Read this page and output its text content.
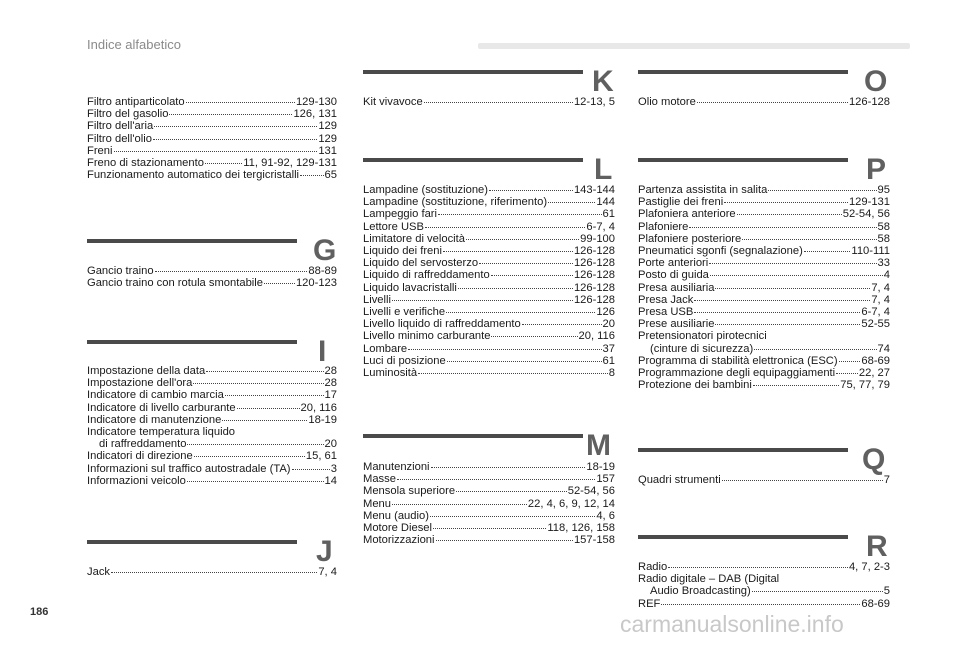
Indice alfabetico
Filtro antiparticolato	129-130
Filtro del gasolio	126, 131
Filtro dell'aria	129
Filtro dell'olio	129
Freni	131
Freno di stazionamento	11, 91-92, 129-131
Funzionamento automatico dei tergicristalli 65
G
Gancio traino	88-89
Gancio traino con rotula smontabile	120-123
I
Impostazione della data	28
Impostazione dell'ora	28
Indicatore di cambio marcia	17
Indicatore di livello carburante	20, 116
Indicatore di manutenzione	18-19
Indicatore temperatura liquido
di raffreddamento	20
Indicatori di direzione	15, 61
Informazioni sul traffico autostradale (TA)	3
Informazioni veicolo	14
J
Jack	7, 4
K
Kit vivavoce	12-13, 5
L
Lampadine (sostituzione)	143-144
Lampadine (sostituzione, riferimento)	144
Lampeggio fari	61
Lettore USB	6-7, 4
Limitatore di velocità	99-100
Liquido dei freni	126-128
Liquido del servosterzo	126-128
Liquido di raffreddamento	126-128
Liquido lavacristalli	126-128
Livelli	126-128
Livelli e verifiche	126
Livello liquido di raffreddamento	20
Livello minimo carburante	20, 116
Lombare	37
Luci di posizione	61
Luminosità	8
M
Manutenzioni	18-19
Masse	157
Mensola superiore	52-54, 56
Menu	22, 4, 6, 9, 12, 14
Menu (audio)	4, 6
Motore Diesel	118, 126, 158
Motorizzazioni	157-158
O
Olio motore	126-128
P
Partenza assistita in salita	95
Pastiglie dei freni	129-131
Plafoniera anteriore	52-54, 56
Plafoniere	58
Plafoniere posteriore	58
Pneumatici sgonfi (segnalazione)	110-111
Porte anteriori	33
Posto di guida	4
Presa ausiliaria	7, 4
Presa Jack	7, 4
Presa USB	6-7, 4
Prese ausiliarie	52-55
Pretensionatori pirotecnici
(cinture di sicurezza)	74
Programma di stabilità elettronica (ESC) 68-69
Programmazione degli equipaggiamenti 22, 27
Protezione dei bambini	75, 77, 79
Q
Quadri strumenti	7
R
Radio	4, 7, 2-3
Radio digitale – DAB (Digital
Audio Broadcasting)	5
REF	68-69
186	carmanualsonline.info
